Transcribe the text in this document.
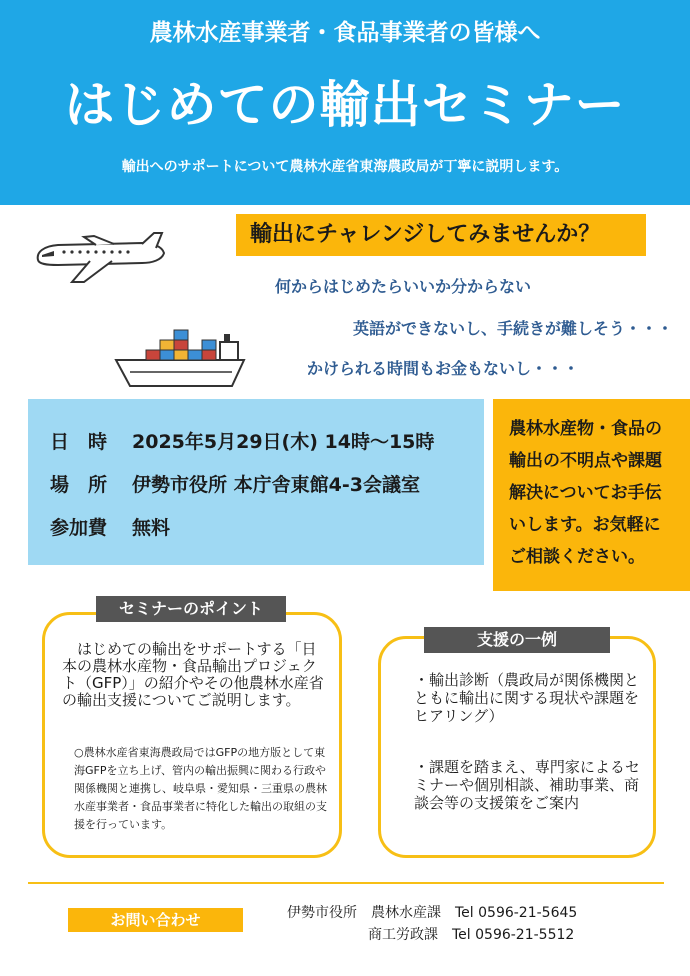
農林水産事業者・食品事業者の皆様へ
はじめての輸出セミナー
輸出へのサポートについて農林水産省東海農政局が丁寧に説明します。
輸出にチャレンジしてみませんか？
何からはじめたらいいか分からない
英語ができないし、手続きが難しそう・・・
かけられる時間もお金もないし・・・
日　時 2025年5月29日(木) 14時～15時
場　所 伊勢市役所 本庁舎東館4-3会議室
参加費 無料
農林水産物・食品の輸出の不明点や課題解決についてお手伝いします。お気軽にご相談ください。
セミナーのポイント
　はじめての輸出をサポートする「日本の農林水産物・食品輸出プロジェクト（GFP）」の紹介やその他農林水産省の輸出支援についてご説明します。
○農林水産省東海農政局ではGFPの地方版として東海GFPを立ち上げ、管内の輸出振興に関わる行政や関係機関と連携し、岐阜県・愛知県・三重県の農林水産事業者・食品事業者に特化した輸出の取組の支援を行っています。
支援の一例
・輸出診断（農政局が関係機関とともに輸出に関する現状や課題をヒアリング）
・課題を踏まえ、専門家によるセミナーや個別相談、補助事業、商談会等の支援策をご案内
お問い合わせ	伊勢市役所 農林水産課 Tel 0596-21-5645
商工労政課 Tel 0596-21-5512
